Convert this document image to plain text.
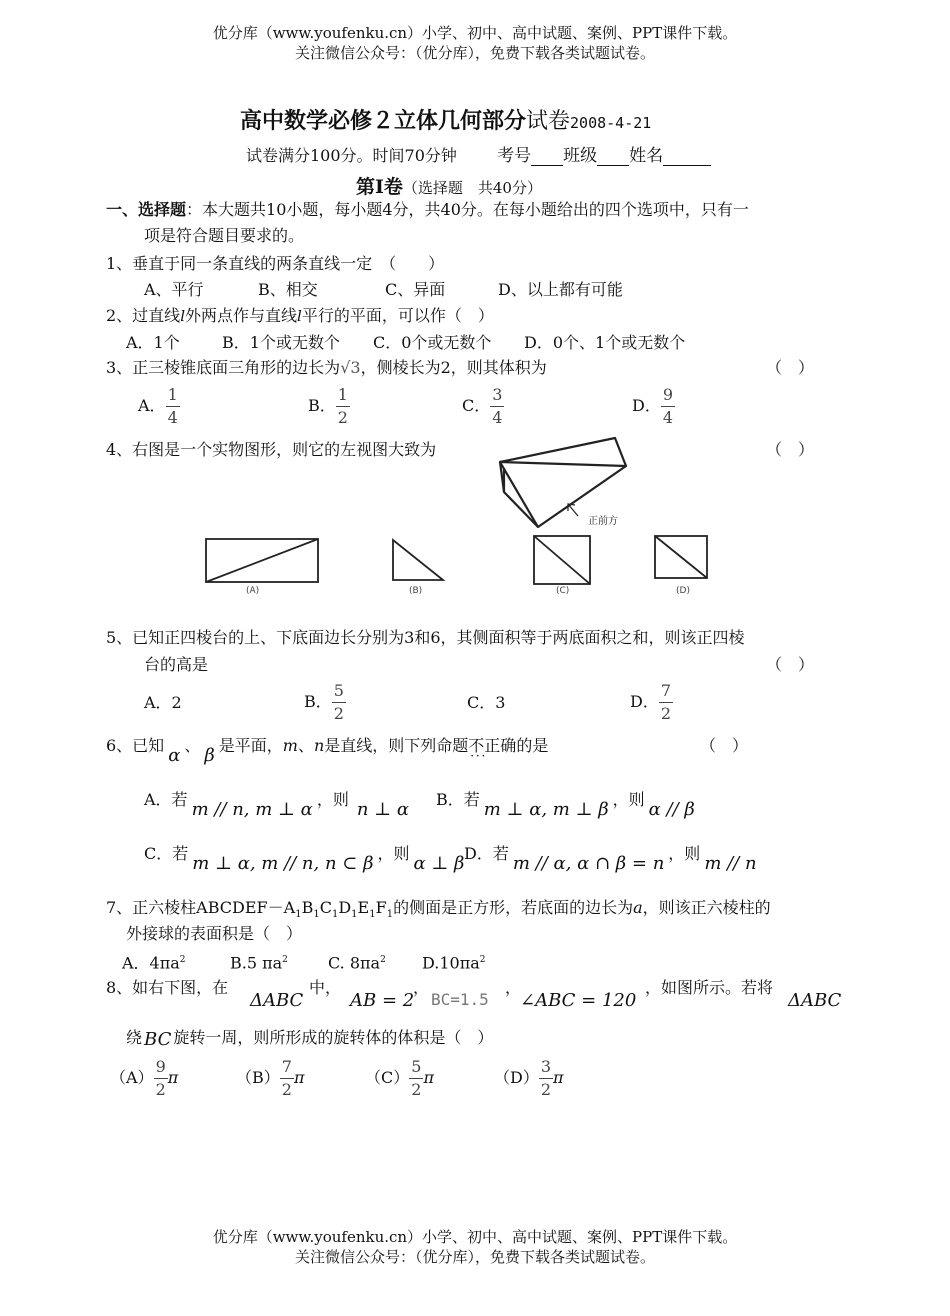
优分库（www.youfenku.cn）小学、初中、高中试题、案例、PPT课件下载。
关注微信公众号：（优分库），免费下载各类试题试卷。
高中数学必修２立体几何部分试卷2008-4-21
试卷满分100分。时间70分钟 考号 班级 姓名
第Ⅰ卷（选择题　共40分）
一、选择题：本大题共10小题，每小题4分，共40分。在每小题给出的四个选项中，只有一
项是符合题目要求的。
1、垂直于同一条直线的两条直线一定　（　　）
A、平行	B、相交	C、异面	D、以上都有可能
2、过直线l外两点作与直线l平行的平面，可以作（　）
A．1个	B．1个或无数个 C．0个或无数个 D．0个、1个或无数个
3、正三棱锥底面三角形的边长为√3，侧棱长为2，则其体积为	（　）
A． $\frac{1}{4}$	B． $\frac{1}{2}$	C． $\frac{3}{4}$	D． $\frac{9}{4}$
4、右图是一个实物图形，则它的左视图大致为	（　）
正前方
(A)	(B)	(C)	(D)
5、已知正四棱台的上、下底面边长分别为3和6，其侧面积等于两底面积之和，则该正四棱
台的高是	（　）
A．2	B． $\frac{5}{2}$	C．3	D． $\frac{7}{2}$
6、已知 α 、 β 是平面，m、n是直线，则下列命题不正确 · · ·的是	（　）
A．若 m // n, m ⊥ α ，则 n ⊥ α B．若 m ⊥ α, m ⊥ β ，则 α // β
C．若 m ⊥ α, m // n, n ⊂ β ，则 α ⊥ β D．若 m // α, α ∩ β = n ，则 m // n
7、正六棱柱$ABCDEF-A_1B_1C_1D_1E_1F_1$的侧面是正方形，若底面的边长为a，则该正六棱柱的
外接球的表面积是（　）
A．$4\pi a^2$	B.5 $\pi a^2$	C. $8\pi a^2$ $D.10\pi a^2$
8、如右下图，在
ΔABC
中，
AB = 2
，
BC=1.5
，
∠ABC = 120
，如图所示。若将
ΔABC
绕 BC 旋转一周，则所形成的旋转体的体积是（　）
$(A) \frac{9}{2}$ π	$(B) \frac{7}{2}$ π	$(C) \frac{5}{2}$ π	$(D) \frac{3}{2}$ π
优分库（www.youfenku.cn）小学、初中、高中试题、案例、PPT课件下载。
关注微信公众号：（优分库），免费下载各类试题试卷。
